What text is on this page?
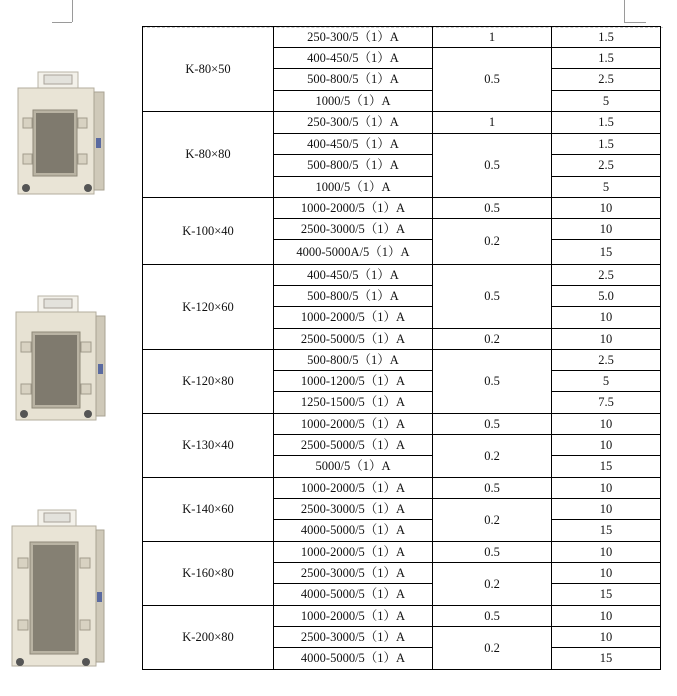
K-80×50	250-300/5（1）A	1	1.5
	400-450/5（1）A	0.5	1.5
	500-800/5（1）A		2.5
	1000/5（1）A		5
K-80×80	250-300/5（1）A	1	1.5
	400-450/5（1）A	0.5	1.5
	500-800/5（1）A		2.5
	1000/5（1）A		5
K-100×40	1000-2000/5（1）A	0.5	10
	2500-3000/5（1）A	0.2	10
	4000-5000A/5（1）A		15
K-120×60	400-450/5（1）A	0.5	2.5
	500-800/5（1）A		5.0
	1000-2000/5（1）A		10
	2500-5000/5（1）A	0.2	10
K-120×80	500-800/5（1）A	0.5	2.5
	1000-1200/5（1）A		5
	1250-1500/5（1）A		7.5
K-130×40	1000-2000/5（1）A	0.5	10
	2500-5000/5（1）A	0.2	10
	5000/5（1）A		15
K-140×60	1000-2000/5（1）A	0.5	10
	2500-3000/5（1）A	0.2	10
	4000-5000/5（1）A		15
K-160×80	1000-2000/5（1）A	0.5	10
	2500-3000/5（1）A	0.2	10
	4000-5000/5（1）A		15
K-200×80	1000-2000/5（1）A	0.5	10
	2500-3000/5（1）A	0.2	10
	4000-5000/5（1）A		15
